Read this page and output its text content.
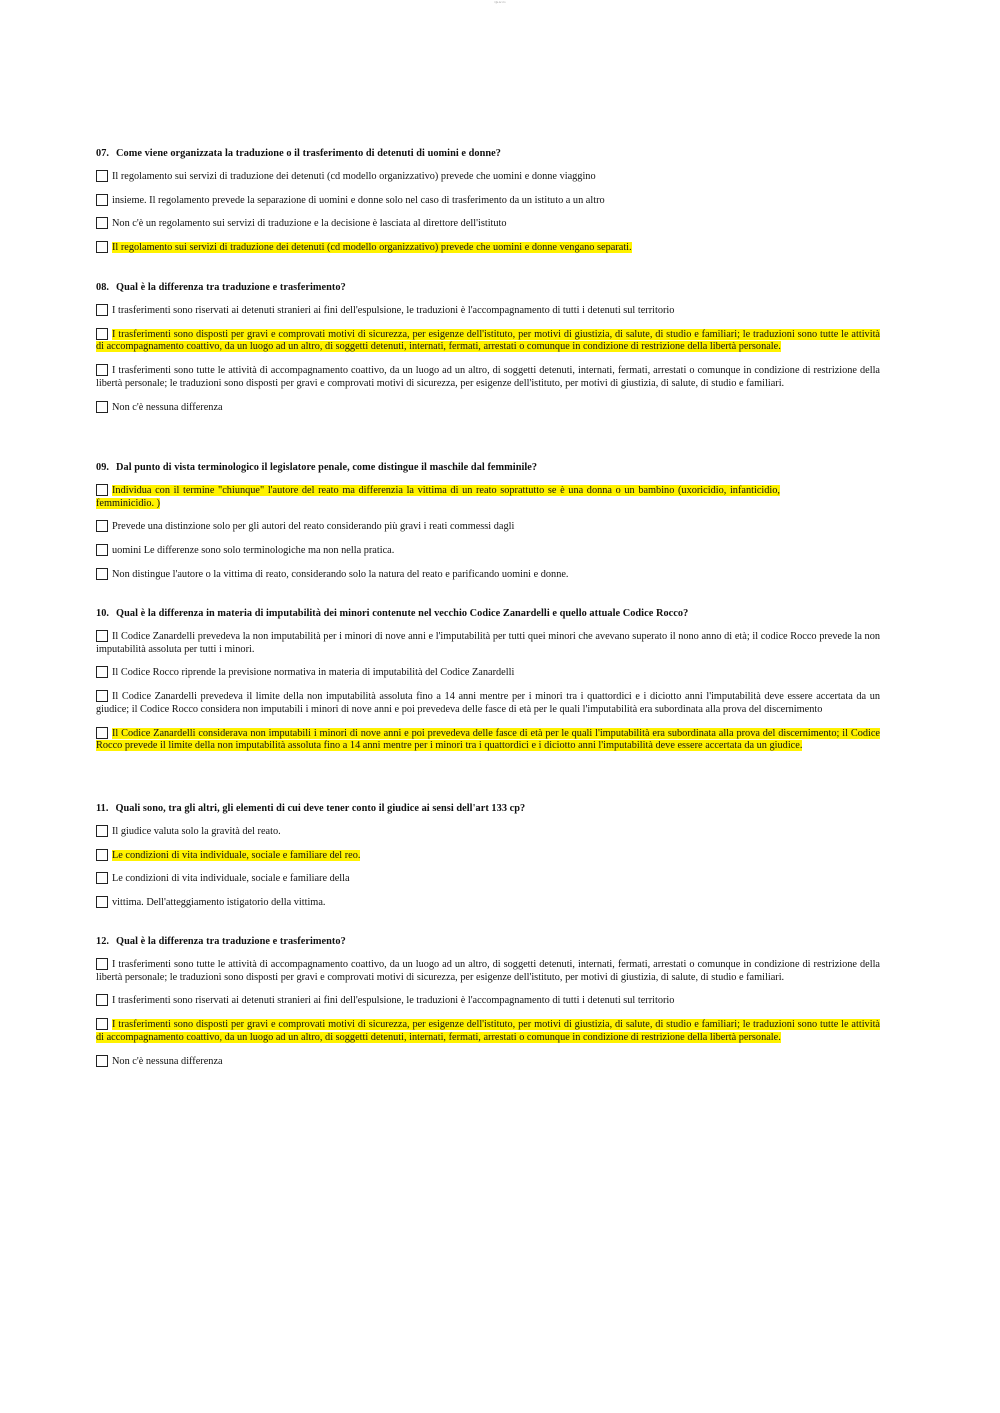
Qu.nc rts
07. Come viene organizzata la traduzione o il trasferimento di detenuti di uomini e donne?
Il regolamento sui servizi di traduzione dei detenuti (cd modello organizzativo) prevede che uomini e donne viaggino
insieme. Il regolamento prevede la separazione di uomini e donne solo nel caso di trasferimento da un istituto a un altro
Non c'è un regolamento sui servizi di traduzione e la decisione è lasciata al direttore dell'istituto
Il regolamento sui servizi di traduzione dei detenuti (cd modello organizzativo) prevede che uomini e donne vengano separati.
08. Qual è la differenza tra traduzione e trasferimento?
I trasferimenti sono riservati ai detenuti stranieri ai fini dell'espulsione, le traduzioni è l'accompagnamento di tutti i detenuti sul territorio
I trasferimenti sono disposti per gravi e comprovati motivi di sicurezza, per esigenze dell'istituto, per motivi di giustizia, di salute, di studio e familiari; le traduzioni sono tutte le attività di accompagnamento coattivo, da un luogo ad un altro, di soggetti detenuti, internati, fermati, arrestati o comunque in condizione di restrizione della libertà personale.
I trasferimenti sono tutte le attività di accompagnamento coattivo, da un luogo ad un altro, di soggetti detenuti, internati, fermati, arrestati o comunque in condizione di restrizione della libertà personale; le traduzioni sono disposti per gravi e comprovati motivi di sicurezza, per esigenze dell'istituto, per motivi di giustizia, di salute, di studio e familiari.
Non c'è nessuna differenza
09. Dal punto di vista terminologico il legislatore penale, come distingue il maschile dal femminile?
Individua con il termine "chiunque" l'autore del reato ma differenzia la vittima di un reato soprattutto se è una donna o un bambino (uxoricidio, infanticidio, femminicidio. )
Prevede una distinzione solo per gli autori del reato considerando più gravi i reati commessi dagli
uomini Le differenze sono solo terminologiche ma non nella pratica.
Non distingue l'autore o la vittima di reato, considerando solo la natura del reato e parificando uomini e donne.
10. Qual è la differenza in materia di imputabilità dei minori contenute nel vecchio Codice Zanardelli e quello attuale Codice Rocco?
Il Codice Zanardelli prevedeva la non imputabilità per i minori di nove anni e l'imputabilità per tutti quei minori che avevano superato il nono anno di età; il codice Rocco prevede la non imputabilità assoluta per tutti i minori.
Il Codice Rocco riprende la previsione normativa in materia di imputabilità del Codice Zanardelli
Il Codice Zanardelli prevedeva il limite della non imputabilità assoluta fino a 14 anni mentre per i minori tra i quattordici e i diciotto anni l'imputabilità deve essere accertata da un giudice; il Codice Rocco considera non imputabili i minori di nove anni e poi prevedeva delle fasce di età per le quali l'imputabilità era subordinata alla prova del discernimento
Il Codice Zanardelli considerava non imputabili i minori di nove anni e poi prevedeva delle fasce di età per le quali l'imputabilità era subordinata alla prova del discernimento; il Codice Rocco prevede il limite della non imputabilità assoluta fino a 14 anni mentre per i minori tra i quattordici e i diciotto anni l'imputabilità deve essere accertata da un giudice.
11. Quali sono, tra gli altri, gli elementi di cui deve tener conto il giudice ai sensi dell'art 133 cp?
Il giudice valuta solo la gravità del reato.
Le condizioni di vita individuale, sociale e familiare del reo.
Le condizioni di vita individuale, sociale e familiare della
vittima. Dell'atteggiamento istigatorio della vittima.
12. Qual è la differenza tra traduzione e trasferimento?
I trasferimenti sono tutte le attività di accompagnamento coattivo, da un luogo ad un altro, di soggetti detenuti, internati, fermati, arrestati o comunque in condizione di restrizione della libertà personale; le traduzioni sono disposti per gravi e comprovati motivi di sicurezza, per esigenze dell'istituto, per motivi di giustizia, di salute, di studio e familiari.
I trasferimenti sono riservati ai detenuti stranieri ai fini dell'espulsione, le traduzioni è l'accompagnamento di tutti i detenuti sul territorio
I trasferimenti sono disposti per gravi e comprovati motivi di sicurezza, per esigenze dell'istituto, per motivi di giustizia, di salute, di studio e familiari; le traduzioni sono tutte le attività di accompagnamento coattivo, da un luogo ad un altro, di soggetti detenuti, internati, fermati, arrestati o comunque in condizione di restrizione della libertà personale.
Non c'è nessuna differenza
